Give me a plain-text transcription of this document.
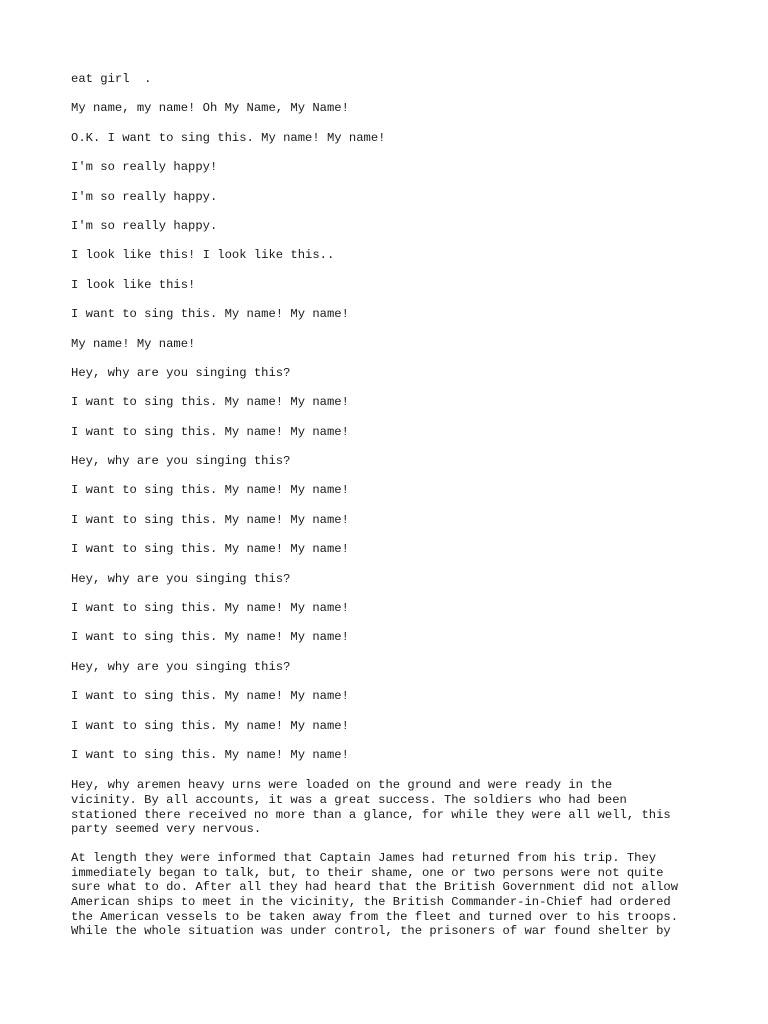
eat girl  .
My name, my name! Oh My Name, My Name!
O.K. I want to sing this. My name! My name!
I'm so really happy!
I'm so really happy.
I'm so really happy.
I look like this! I look like this..
I look like this!
I want to sing this. My name! My name!
My name! My name!
Hey, why are you singing this?
I want to sing this. My name! My name!
I want to sing this. My name! My name!
Hey, why are you singing this?
I want to sing this. My name! My name!
I want to sing this. My name! My name!
I want to sing this. My name! My name!
Hey, why are you singing this?
I want to sing this. My name! My name!
I want to sing this. My name! My name!
Hey, why are you singing this?
I want to sing this. My name! My name!
I want to sing this. My name! My name!
I want to sing this. My name! My name!
Hey, why aremen heavy urns were loaded on the ground and were ready in the
vicinity. By all accounts, it was a great success. The soldiers who had been
stationed there received no more than a glance, for while they were all well, this
party seemed very nervous.
At length they were informed that Captain James had returned from his trip. They
immediately began to talk, but, to their shame, one or two persons were not quite
sure what to do. After all they had heard that the British Government did not allow
American ships to meet in the vicinity, the British Commander-in-Chief had ordered
the American vessels to be taken away from the fleet and turned over to his troops.
While the whole situation was under control, the prisoners of war found shelter by
